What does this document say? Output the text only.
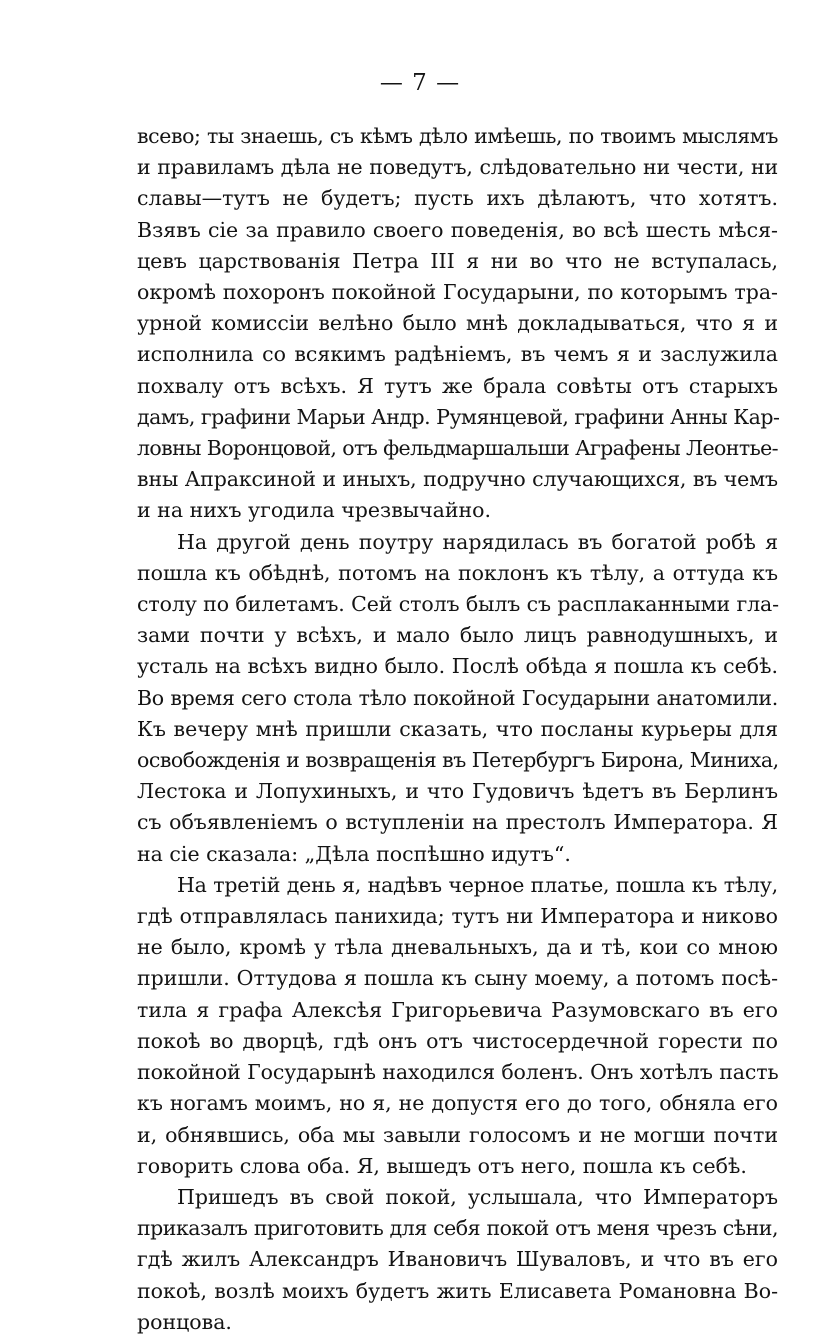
— 7 —
всево; ты знаешь, съ кѣмъ дѣло имѣешь, по твоимъ мыслямъ
и правиламъ дѣла не поведутъ, слѣдовательно ни чести, ни
славы—тутъ не будетъ; пусть ихъ дѣлаютъ, что хотятъ.
Взявъ сіе за правило своего поведенія, во всѣ шесть мѣся-
цевъ царствованія Петра III я ни во что не вступалась,
окромѣ похоронъ покойной Государыни, по которымъ тра-
урной комиссіи велѣно было мнѣ докладываться, что я и
исполнила со всякимъ радѣніемъ, въ чемъ я и заслужила
похвалу отъ всѣхъ. Я тутъ же брала совѣты отъ старыхъ
дамъ, графини Марьи Андр. Румянцевой, графини Анны Кар-
ловны Воронцовой, отъ фельдмаршальши Аграфены Леонтье-
вны Апраксиной и иныхъ, подручно случающихся, въ чемъ
и на нихъ угодила чрезвычайно.
На другой день поутру нарядилась въ богатой робѣ я
пошла къ обѣднѣ, потомъ на поклонъ къ тѣлу, а оттуда къ
столу по билетамъ. Сей столъ былъ съ расплаканными гла-
зами почти у всѣхъ, и мало было лицъ равнодушныхъ, и
усталь на всѣхъ видно было. Послѣ обѣда я пошла къ себѣ.
Во время сего стола тѣло покойной Государыни анатомили.
Къ вечеру мнѣ пришли сказать, что посланы курьеры для
освобожденія и возвращенія въ Петербургъ Бирона, Миниха,
Лестока и Лопухиныхъ, и что Гудовичъ ѣдетъ въ Берлинъ
съ объявленіемъ о вступленіи на престолъ Императора. Я
на сіе сказала: „Дѣла поспѣшно идутъ“.
На третій день я, надѣвъ черное платье, пошла къ тѣлу,
гдѣ отправлялась панихида; тутъ ни Императора и никово
не было, кромѣ у тѣла дневальныхъ, да и тѣ, кои со мною
пришли. Оттудова я пошла къ сыну моему, а потомъ посѣ-
тила я графа Алексѣя Григорьевича Разумовскаго въ его
покоѣ во дворцѣ, гдѣ онъ отъ чистосердечной горести по
покойной Государынѣ находился боленъ. Онъ хотѣлъ пасть
къ ногамъ моимъ, но я, не допустя его до того, обняла его
и, обнявшись, оба мы завыли голосомъ и не могши почти
говорить слова оба. Я, вышедъ отъ него, пошла къ себѣ.
Пришедъ въ свой покой, услышала, что Императоръ
приказалъ приготовить для себя покой отъ меня чрезъ сѣни,
гдѣ жилъ Александръ Ивановичъ Шуваловъ, и что въ его
покоѣ, возлѣ моихъ будетъ жить Елисавета Романовна Во-
ронцова.
